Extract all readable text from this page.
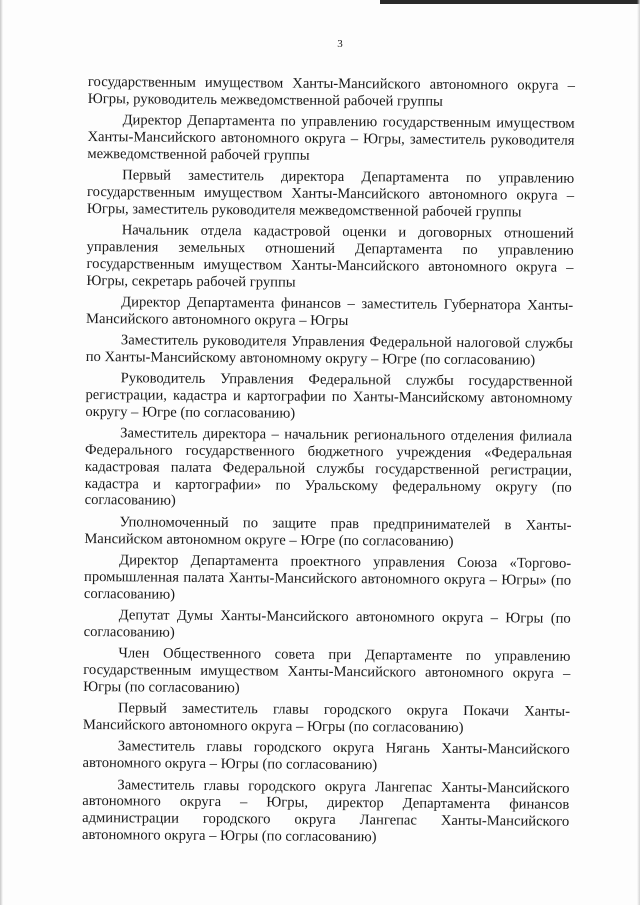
3

государственным имуществом Ханты-Мансийского автономного округа – Югры, руководитель межведомственной рабочей группы

Директор Департамента по управлению государственным имуществом Ханты-Мансийского автономного округа – Югры, заместитель руководителя межведомственной рабочей группы

Первый заместитель директора Департамента по управлению государственным имуществом Ханты-Мансийского автономного округа – Югры, заместитель руководителя межведомственной рабочей группы

Начальник отдела кадастровой оценки и договорных отношений управления земельных отношений Департамента по управлению государственным имуществом Ханты-Мансийского автономного округа – Югры, секретарь рабочей группы

Директор Департамента финансов – заместитель Губернатора Ханты-Мансийского автономного округа – Югры

Заместитель руководителя Управления Федеральной налоговой службы по Ханты-Мансийскому автономному округу – Югре (по согласованию)

Руководитель Управления Федеральной службы государственной регистрации, кадастра и картографии по Ханты-Мансийскому автономному округу – Югре (по согласованию)

Заместитель директора – начальник регионального отделения филиала Федерального государственного бюджетного учреждения «Федеральная кадастровая палата Федеральной службы государственной регистрации, кадастра и картографии» по Уральскому федеральному округу (по согласованию)

Уполномоченный по защите прав предпринимателей в Ханты-Мансийском автономном округе – Югре (по согласованию)

Директор Департамента проектного управления Союза «Торгово-промышленная палата Ханты-Мансийского автономного округа – Югры» (по согласованию)

Депутат Думы Ханты-Мансийского автономного округа – Югры (по согласованию)

Член Общественного совета при Департаменте по управлению государственным имуществом Ханты-Мансийского автономного округа – Югры (по согласованию)

Первый заместитель главы городского округа Покачи Ханты-Мансийского автономного округа – Югры (по согласованию)

Заместитель главы городского округа Нягань Ханты-Мансийского автономного округа – Югры (по согласованию)

Заместитель главы городского округа Лангепас Ханты-Мансийского автономного округа – Югры, директор Департамента финансов администрации городского округа Лангепас Ханты-Мансийского автономного округа – Югры (по согласованию)
